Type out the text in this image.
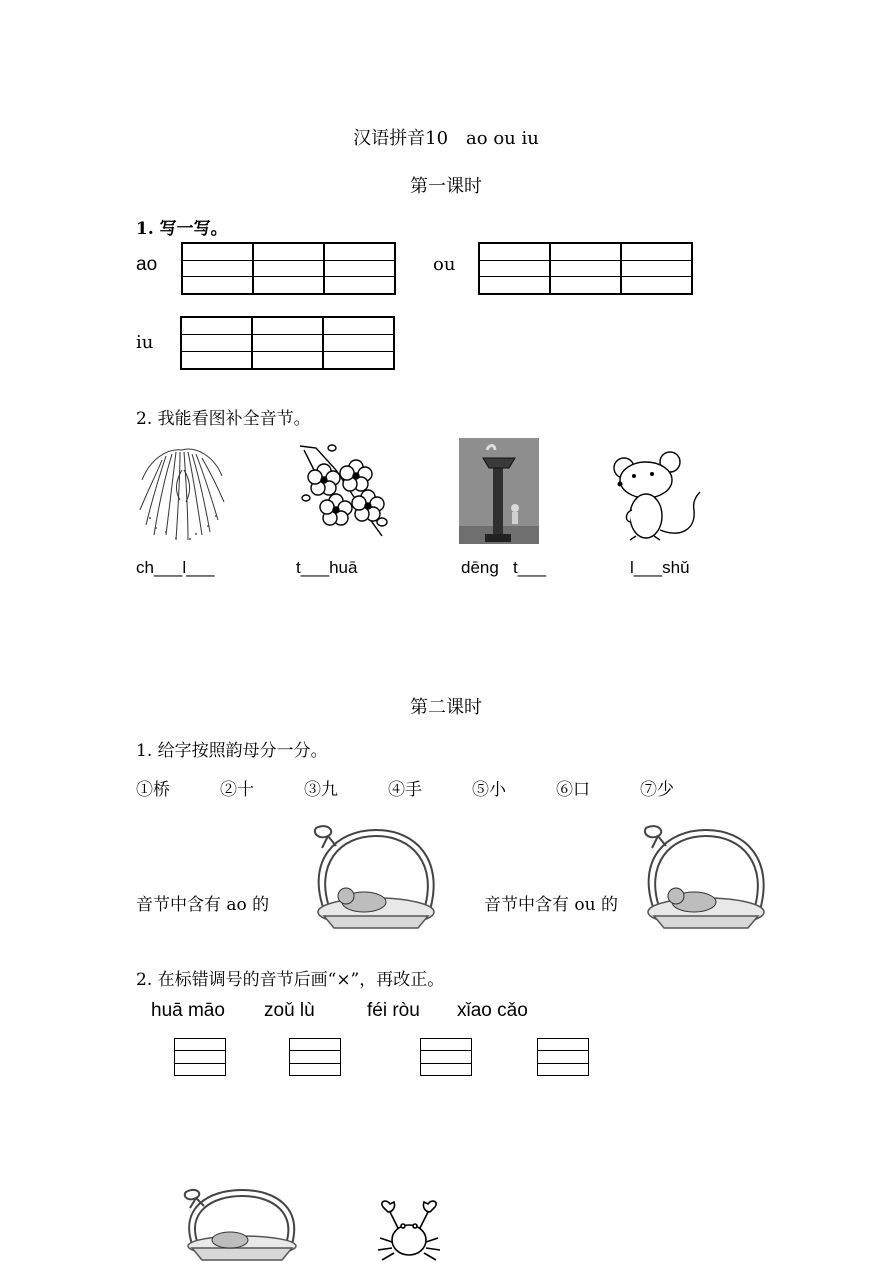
汉语拼音10　ao ou iu
第一课时
1. 写一写。
ao	ou
iu
2. 我能看图补全音节。
ch___l___	t___huā	dēnɡ   t___	l___shǔ
第二课时
1. 给字按照韵母分一分。
①桥	②十	③九	④手	⑤小	⑥口	⑦少
音节中含有 ao 的	音节中含有 ou 的
2. 在标错调号的音节后画“×”，再改正。
huā māo zoǔ lù	féi ròu xǐao cǎo
